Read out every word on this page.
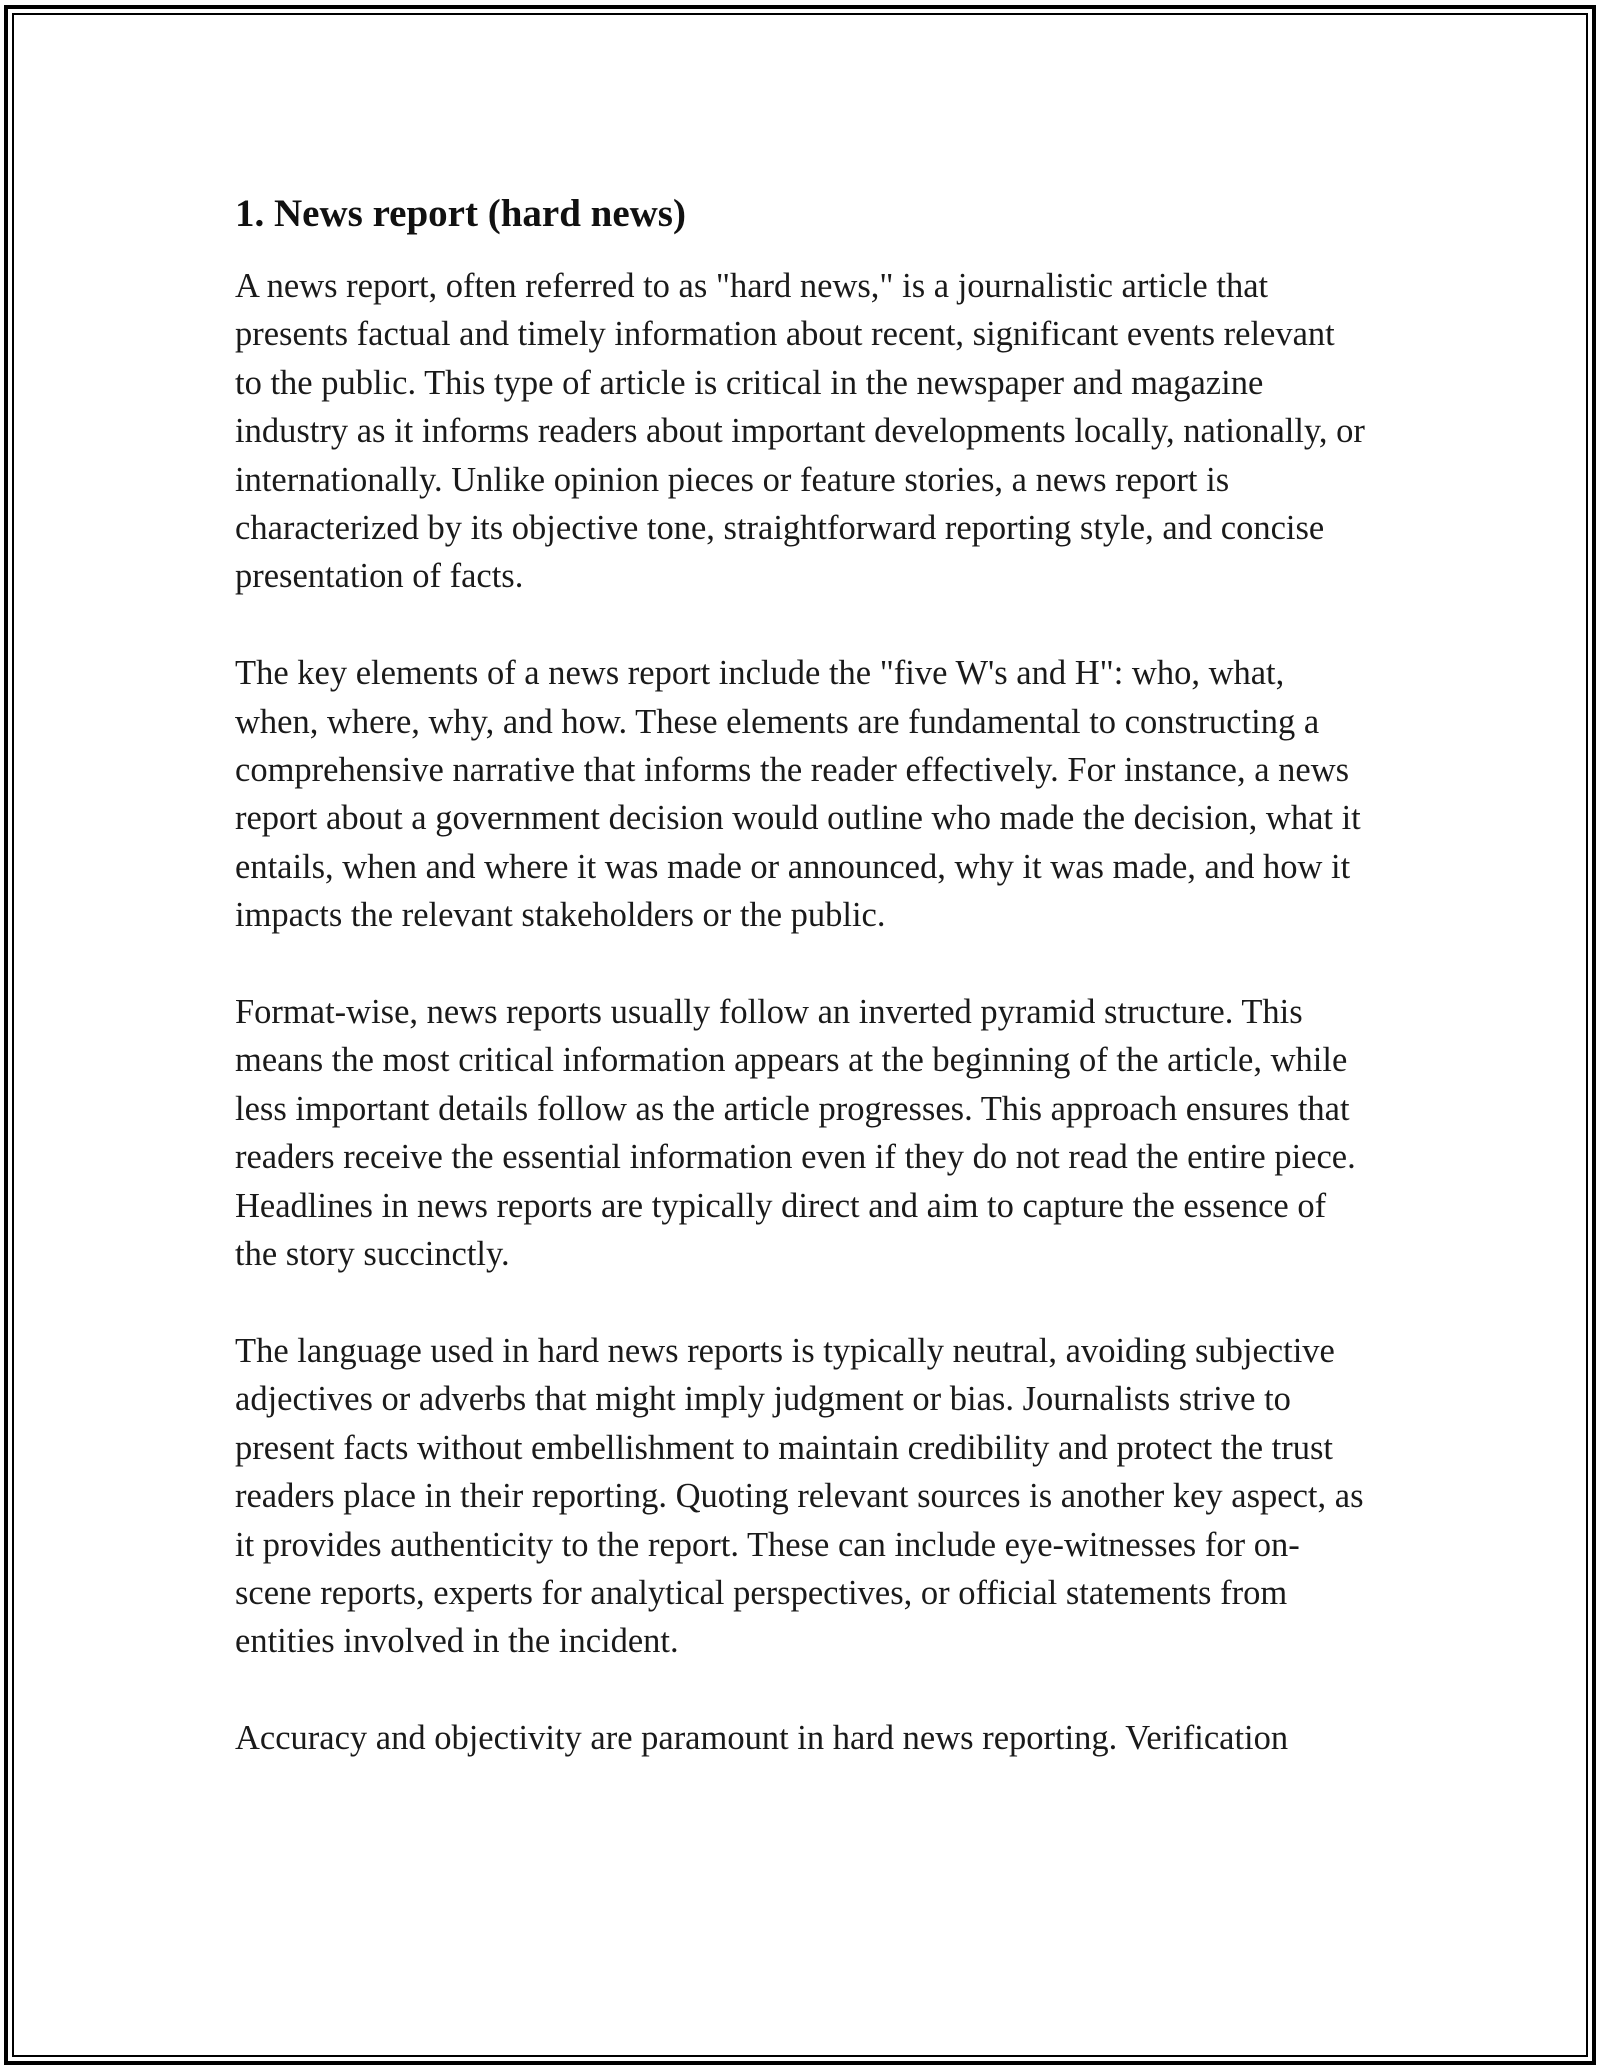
1. News report (hard news)

A news report, often referred to as "hard news," is a journalistic article that presents factual and timely information about recent, significant events relevant to the public. This type of article is critical in the newspaper and magazine industry as it informs readers about important developments locally, nationally, or internationally. Unlike opinion pieces or feature stories, a news report is characterized by its objective tone, straightforward reporting style, and concise presentation of facts.

The key elements of a news report include the "five W's and H": who, what, when, where, why, and how. These elements are fundamental to constructing a comprehensive narrative that informs the reader effectively. For instance, a news report about a government decision would outline who made the decision, what it entails, when and where it was made or announced, why it was made, and how it impacts the relevant stakeholders or the public.

Format-wise, news reports usually follow an inverted pyramid structure. This means the most critical information appears at the beginning of the article, while less important details follow as the article progresses. This approach ensures that readers receive the essential information even if they do not read the entire piece. Headlines in news reports are typically direct and aim to capture the essence of the story succinctly.

The language used in hard news reports is typically neutral, avoiding subjective adjectives or adverbs that might imply judgment or bias. Journalists strive to present facts without embellishment to maintain credibility and protect the trust readers place in their reporting. Quoting relevant sources is another key aspect, as it provides authenticity to the report. These can include eye-witnesses for on-scene reports, experts for analytical perspectives, or official statements from entities involved in the incident.

Accuracy and objectivity are paramount in hard news reporting. Verification
